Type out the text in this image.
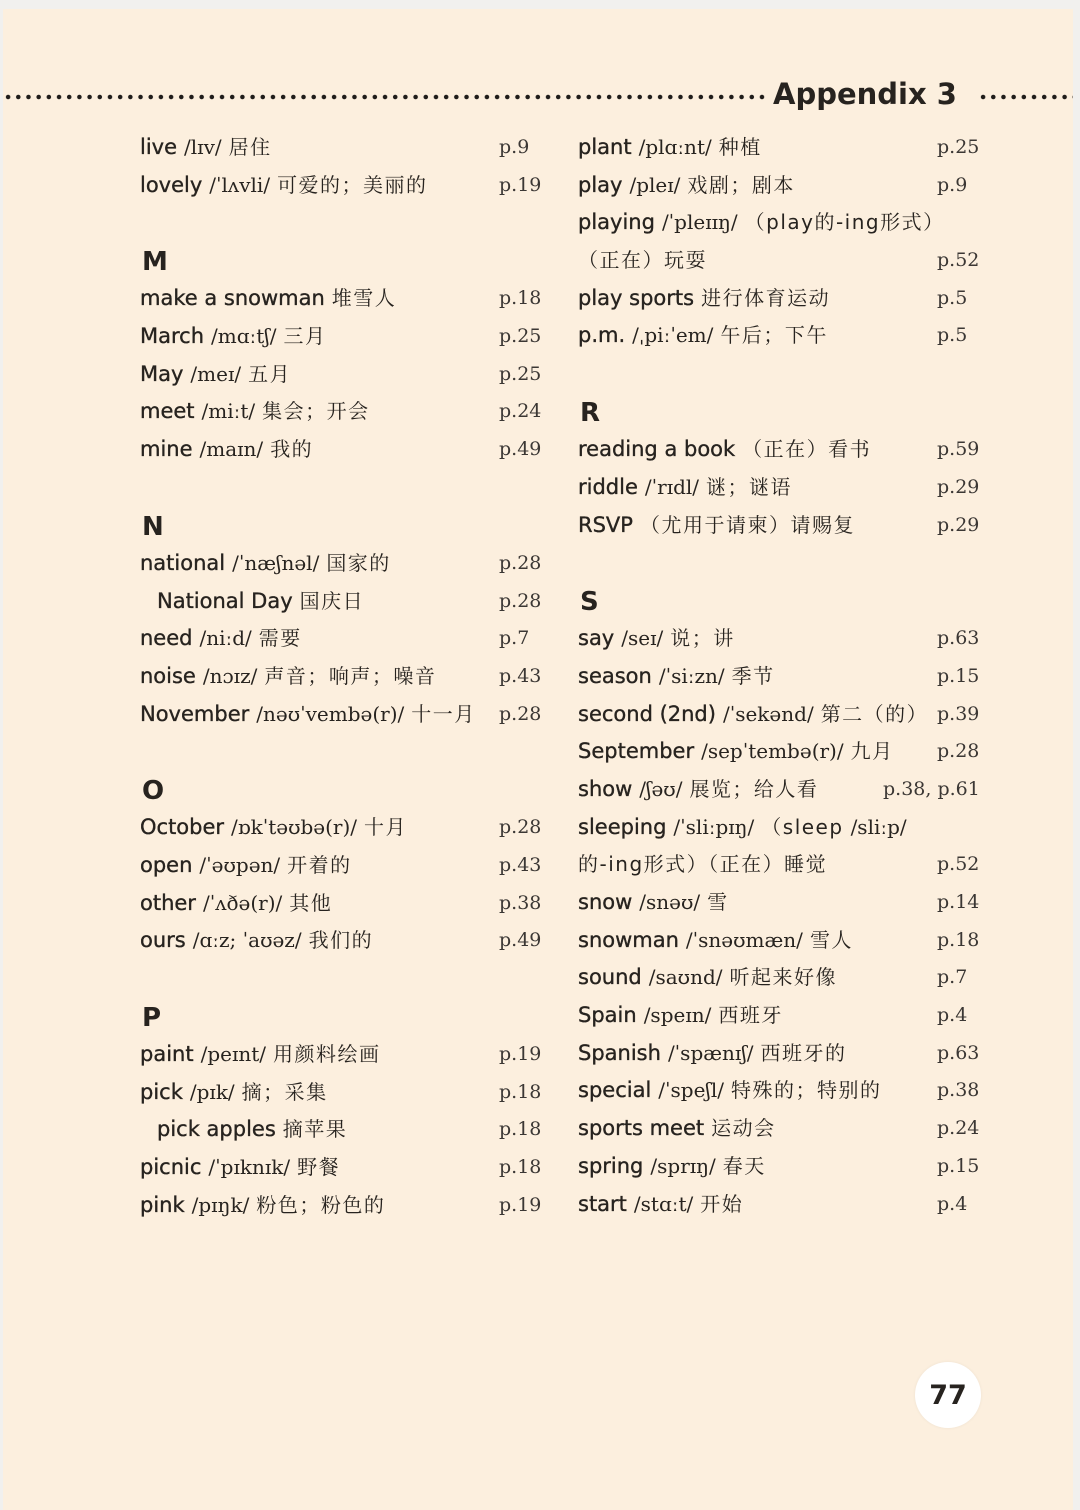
Appendix 3
live /lɪv/ 居住	p.9
lovely /ˈlʌvli/ 可爱的；美丽的	p.19
M
make a snowman 堆雪人	p.18
March /mɑːtʃ/ 三月	p.25
May /meɪ/ 五月	p.25
meet /miːt/ 集会；开会	p.24
mine /maɪn/ 我的	p.49
N
national /ˈnæʃnəl/ 国家的	p.28
National Day 国庆日	p.28
need /niːd/ 需要	p.7
noise /nɔɪz/ 声音；响声；噪音	p.43
November /nəʊˈvembə(r)/ 十一月 p.28
O
October /ɒkˈtəʊbə(r)/ 十月	p.28
open /ˈəʊpən/ 开着的	p.43
other /ˈʌðə(r)/ 其他	p.38
ours /ɑːz; ˈaʊəz/ 我们的	p.49
P
paint /peɪnt/ 用颜料绘画	p.19
pick /pɪk/ 摘；采集	p.18
pick apples 摘苹果	p.18
picnic /ˈpɪknɪk/ 野餐	p.18
pink /pɪŋk/ 粉色；粉色的	p.19
plant /plɑːnt/ 种植	p.25
play /pleɪ/ 戏剧；剧本	p.9
playing /ˈpleɪɪŋ/ （play的-ing形式）
（正在）玩耍	p.52
play sports 进行体育运动	p.5
p.m. /ˌpiːˈem/ 午后；下午	p.5
R
reading a book （正在）看书	p.59
riddle /ˈrɪdl/ 谜；谜语	p.29
RSVP （尤用于请柬）请赐复	p.29
S
say /seɪ/ 说；讲	p.63
season /ˈsiːzn/ 季节	p.15
second (2nd) /ˈsekənd/ 第二（的） p.39
September /sepˈtembə(r)/ 九月 p.28
show /ʃəʊ/ 展览；给人看	p.38, p.61
sleeping /ˈsliːpɪŋ/ （sleep /sliːp/
的-ing形式）（正在）睡觉	p.52
snow /snəʊ/ 雪	p.14
snowman /ˈsnəʊmæn/ 雪人	p.18
sound /saʊnd/ 听起来好像	p.7
Spain /speɪn/ 西班牙	p.4
Spanish /ˈspænɪʃ/ 西班牙的	p.63
special /ˈspeʃl/ 特殊的；特别的	p.38
sports meet 运动会	p.24
spring /sprɪŋ/ 春天	p.15
start /stɑːt/ 开始	p.4
77
